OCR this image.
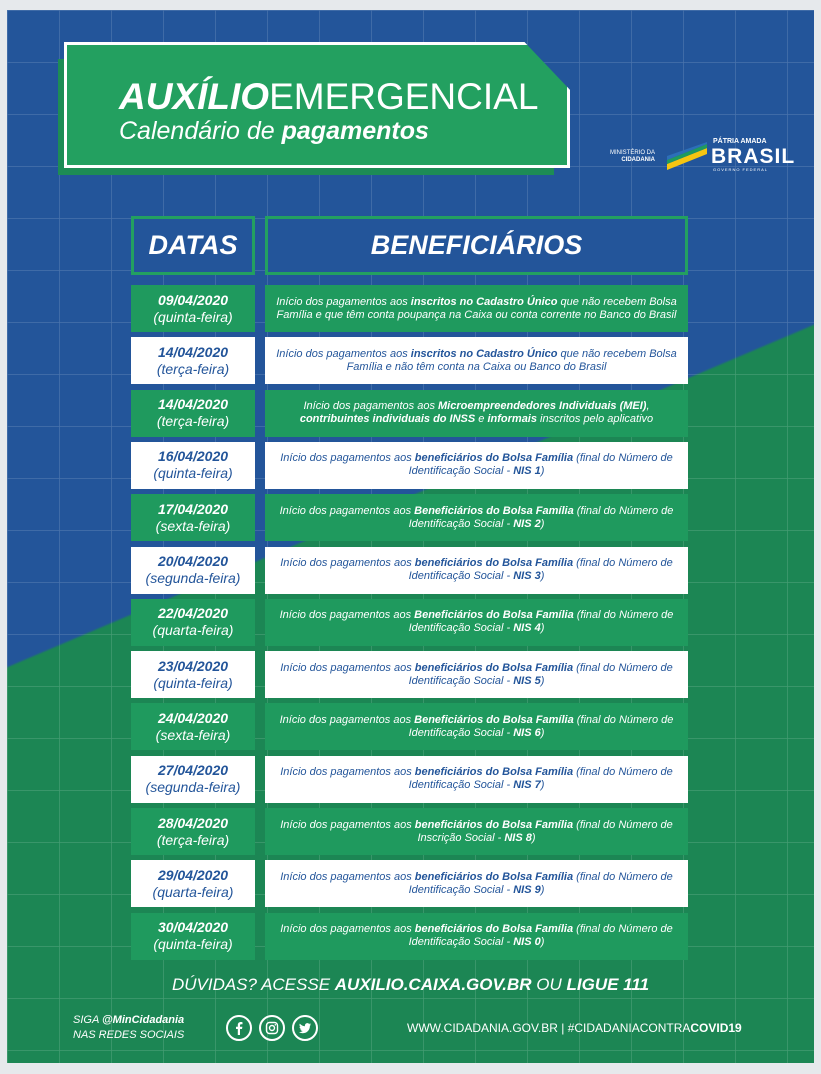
AUXÍLIOEMERGENCIAL
Calendário de pagamentos
MINISTÉRIO DA
CIDADANIA
PÁTRIA AMADA
BRASIL
GOVERNO FEDERAL
DATAS	BENEFICIÁRIOS
09/04/2020
(quinta-feira)
Início dos pagamentos aos inscritos no Cadastro Único que não recebem Bolsa Família e que têm conta poupança na Caixa ou conta corrente no Banco do Brasil
14/04/2020
(terça-feira)
Início dos pagamentos aos inscritos no Cadastro Único que não recebem Bolsa Família e não têm conta na Caixa ou Banco do Brasil
14/04/2020
(terça-feira)
Início dos pagamentos aos Microempreendedores Individuais (MEI), contribuintes individuais do INSS e informais inscritos pelo aplicativo
16/04/2020
(quinta-feira)
Início dos pagamentos aos beneficiários do Bolsa Família (final do Número de Identificação Social - NIS 1)
17/04/2020
(sexta-feira)
Início dos pagamentos aos Beneficiários do Bolsa Família (final do Número de Identificação Social - NIS 2)
20/04/2020
(segunda-feira)
Início dos pagamentos aos beneficiários do Bolsa Família (final do Número de Identificação Social - NIS 3)
22/04/2020
(quarta-feira)
Início dos pagamentos aos Beneficiários do Bolsa Família (final do Número de Identificação Social - NIS 4)
23/04/2020
(quinta-feira)
Início dos pagamentos aos beneficiários do Bolsa Família (final do Número de Identificação Social - NIS 5)
24/04/2020
(sexta-feira)
Início dos pagamentos aos Beneficiários do Bolsa Família (final do Número de Identificação Social - NIS 6)
27/04/2020
(segunda-feira)
Início dos pagamentos aos beneficiários do Bolsa Família (final do Número de Identificação Social - NIS 7)
28/04/2020
(terça-feira)
Início dos pagamentos aos beneficiários do Bolsa Família (final do Número de Inscrição Social - NIS 8)
29/04/2020
(quarta-feira)
Início dos pagamentos aos beneficiários do Bolsa Família (final do Número de Identificação Social - NIS 9)
30/04/2020
(quinta-feira)
Início dos pagamentos aos beneficiários do Bolsa Família (final do Número de Identificação Social - NIS 0)
DÚVIDAS? ACESSE AUXILIO.CAIXA.GOV.BR OU LIGUE 111
SIGA @MinCidadania
NAS REDES SOCIAIS	WWW.CIDADANIA.GOV.BR | #CIDADANIACONTRACOVID19
